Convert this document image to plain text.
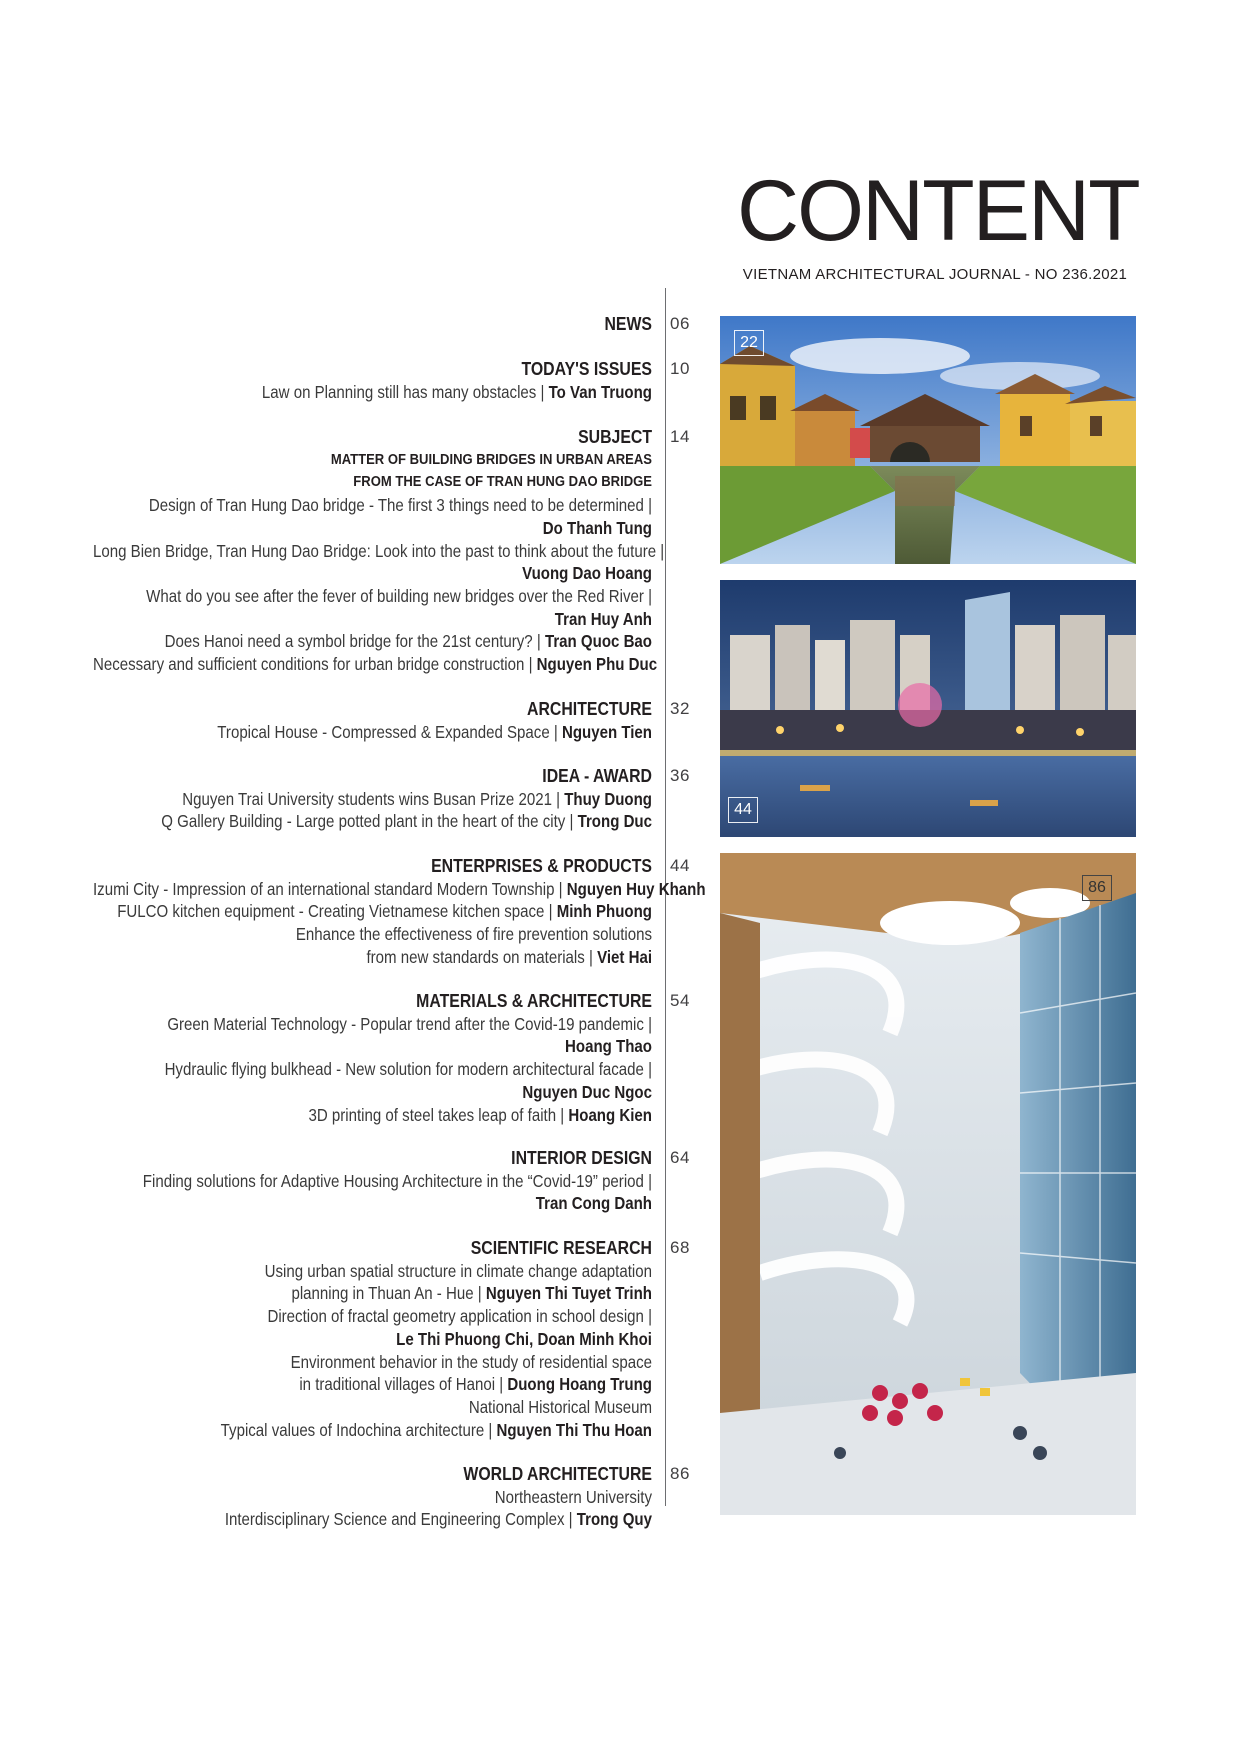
CONTENT
VIETNAM ARCHITECTURAL JOURNAL - NO 236.2021
NEWS
TODAY'S ISSUES
Law on Planning still has many obstacles | To Van Truong
SUBJECT
MATTER OF BUILDING BRIDGES IN URBAN AREAS
FROM THE CASE OF TRAN HUNG DAO BRIDGE
Design of Tran Hung Dao bridge - The first 3 things need to be determined |
Do Thanh Tung
Long Bien Bridge, Tran Hung Dao Bridge: Look into the past to think about the future |
Vuong Dao Hoang
What do you see after the fever of building new bridges over the Red River |
Tran Huy Anh
Does Hanoi need a symbol bridge for the 21st century? | Tran Quoc Bao
Necessary and sufficient conditions for urban bridge construction | Nguyen Phu Duc
ARCHITECTURE
Tropical House - Compressed & Expanded Space | Nguyen Tien
IDEA - AWARD
Nguyen Trai University students wins Busan Prize 2021 | Thuy Duong
Q Gallery Building - Large potted plant in the heart of the city | Trong Duc
ENTERPRISES & PRODUCTS
Izumi City - Impression of an international standard Modern Township | Nguyen Huy Khanh
FULCO kitchen equipment - Creating Vietnamese kitchen space | Minh Phuong
Enhance the effectiveness of fire prevention solutions
from new standards on materials | Viet Hai
MATERIALS & ARCHITECTURE
Green Material Technology - Popular trend after the Covid-19 pandemic |
Hoang Thao
Hydraulic flying bulkhead - New solution for modern architectural facade |
Nguyen Duc Ngoc
3D printing of steel takes leap of faith | Hoang Kien
INTERIOR DESIGN
Finding solutions for Adaptive Housing Architecture in the “Covid-19” period |
Tran Cong Danh
SCIENTIFIC RESEARCH
Using urban spatial structure in climate change adaptation
planning in Thuan An - Hue | Nguyen Thi Tuyet Trinh
Direction of fractal geometry application in school design |
Le Thi Phuong Chi, Doan Minh Khoi
Environment behavior in the study of residential space
in traditional villages of Hanoi | Duong Hoang Trung
National Historical Museum
Typical values of Indochina architecture | Nguyen Thi Thu Hoan
WORLD ARCHITECTURE
Northeastern University
Interdisciplinary Science and Engineering Complex | Trong Quy
22
44
86
06
10
14
32
36
44
54
64
68
86
